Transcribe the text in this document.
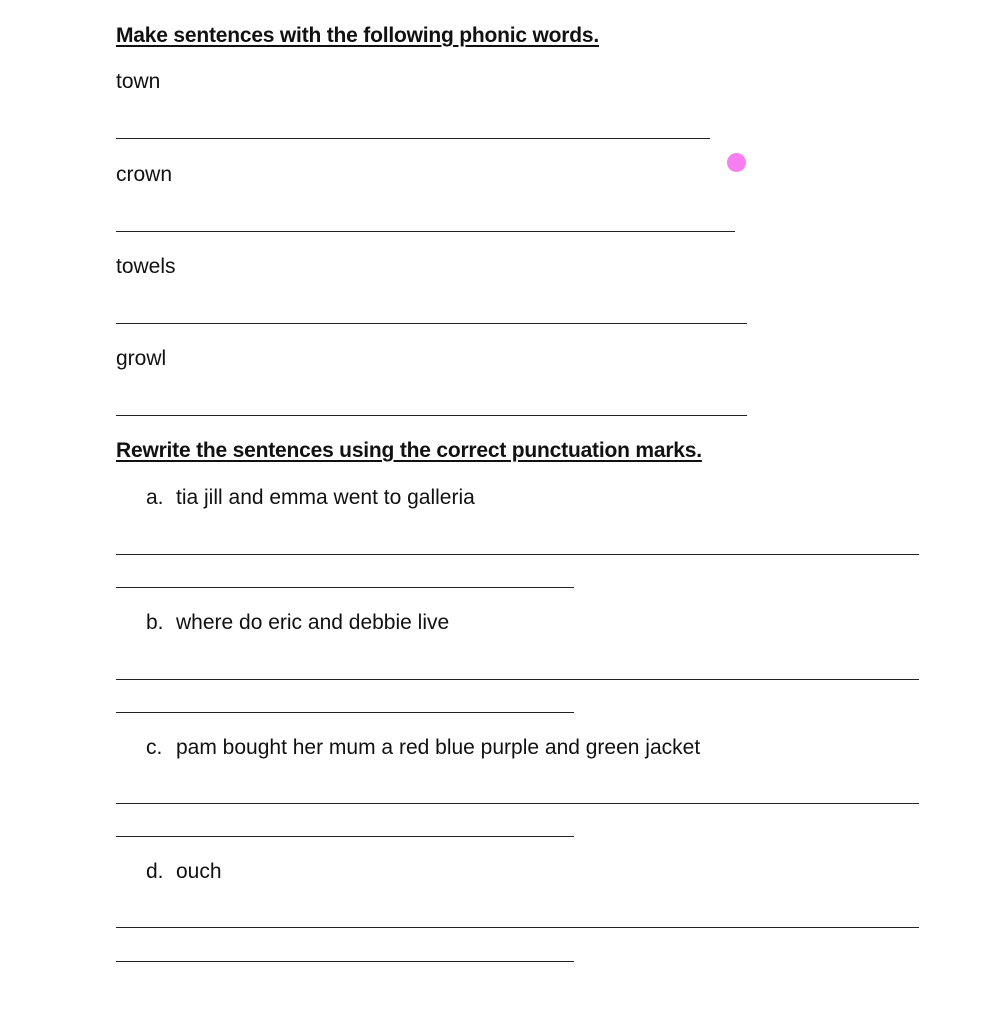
Make sentences with the following phonic words.
town
crown
towels
growl
Rewrite the sentences using the correct punctuation marks.
a. tia jill and emma went to galleria
b. where do eric and debbie live
c. pam bought her mum a red blue purple and green jacket
d. ouch
